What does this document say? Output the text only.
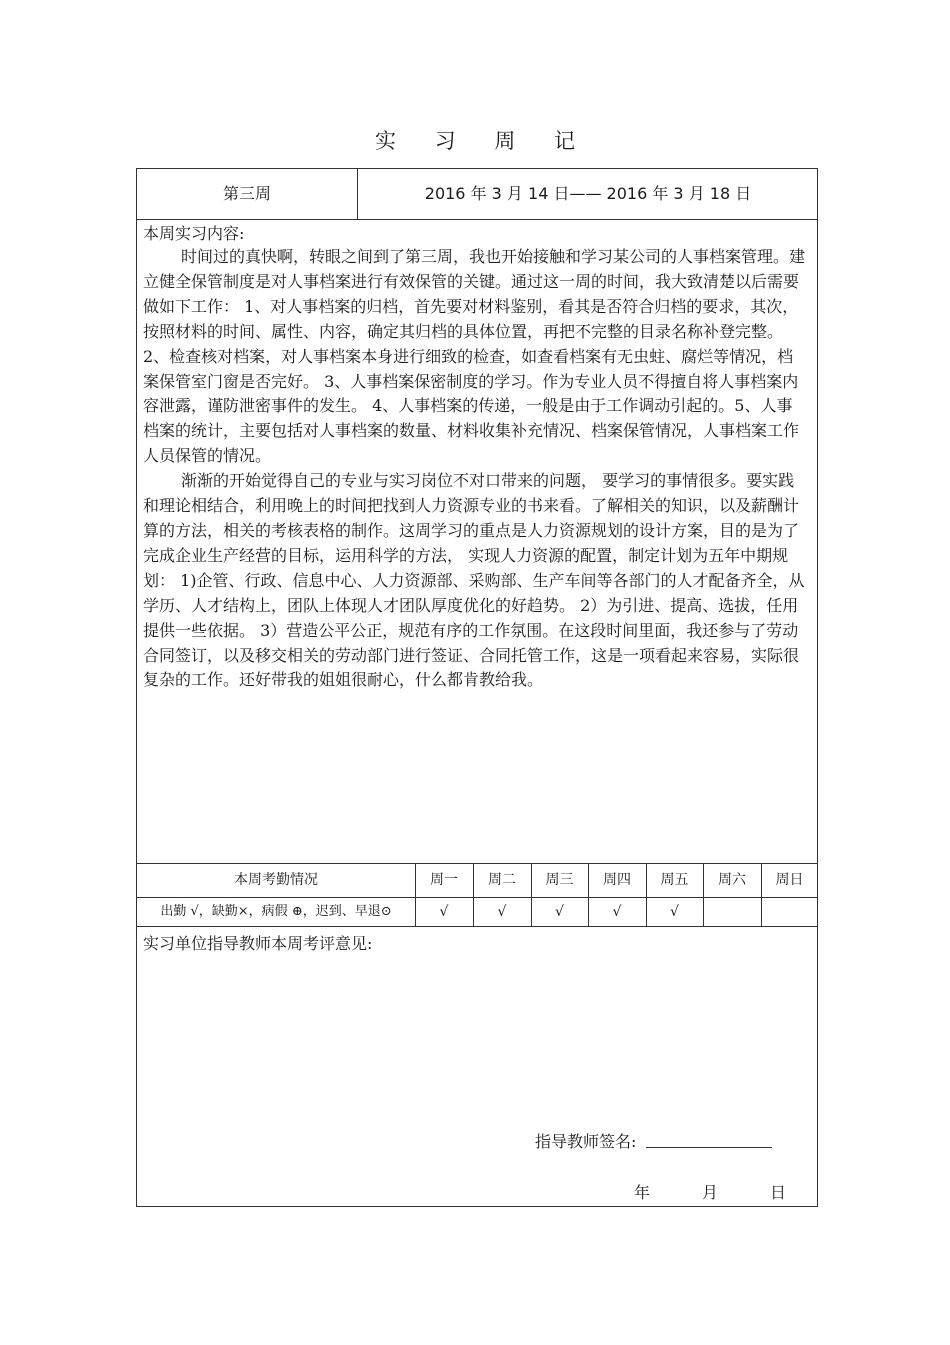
实 习 周 记
第三周	2016 年 3 月 14 日—— 2016 年 3 月 18 日
本周实习内容:

时间过的真快啊，转眼之间到了第三周，我也开始接触和学习某公司的人事档案管理。建立健全保管制度是对人事档案进行有效保管的关键。通过这一周的时间，我大致清楚以后需要做如下工作： 1、对人事档案的归档，首先要对材料鉴别，看其是否符合归档的要求，其次，按照材料的时间、属性、内容，确定其归档的具体位置，再把不完整的目录名称补登完整。 2、检查核对档案，对人事档案本身进行细致的检查，如查看档案有无虫蛀、腐烂等情况，档案保管室门窗是否完好。 3、人事档案保密制度的学习。作为专业人员不得擅自将人事档案内容泄露，谨防泄密事件的发生。 4、人事档案的传递，一般是由于工作调动引起的。5、人事档案的统计，主要包括对人事档案的数量、材料收集补充情况、档案保管情况，人事档案工作人员保管的情况。

渐渐的开始觉得自己的专业与实习岗位不对口带来的问题， 要学习的事情很多。要实践和理论相结合，利用晚上的时间把找到人力资源专业的书来看。了解相关的知识，以及薪酬计算的方法，相关的考核表格的制作。这周学习的重点是人力资源规划的设计方案，目的是为了完成企业生产经营的目标，运用科学的方法， 实现人力资源的配置，制定计划为五年中期规划： 1)企管、行政、信息中心、人力资源部、采购部、生产车间等各部门的人才配备齐全，从学历、人才结构上，团队上体现人才团队厚度优化的好趋势。 2）为引进、提高、选拔，任用提供一些依据。 3）营造公平公正，规范有序的工作氛围。在这段时间里面，我还参与了劳动合同签订，以及移交相关的劳动部门进行签证、合同托管工作，这是一项看起来容易，实际很复杂的工作。还好带我的姐姐很耐心，什么都肯教给我。

本周考勤情况	周一	周二	周三	周四	周五	周六	周日
出勤 √，缺勤×，病假 ⊕，迟到、早退⊙	√	√	√	√	√
实习单位指导教师本周考评意见:
指导教师签名:
年	月	日
